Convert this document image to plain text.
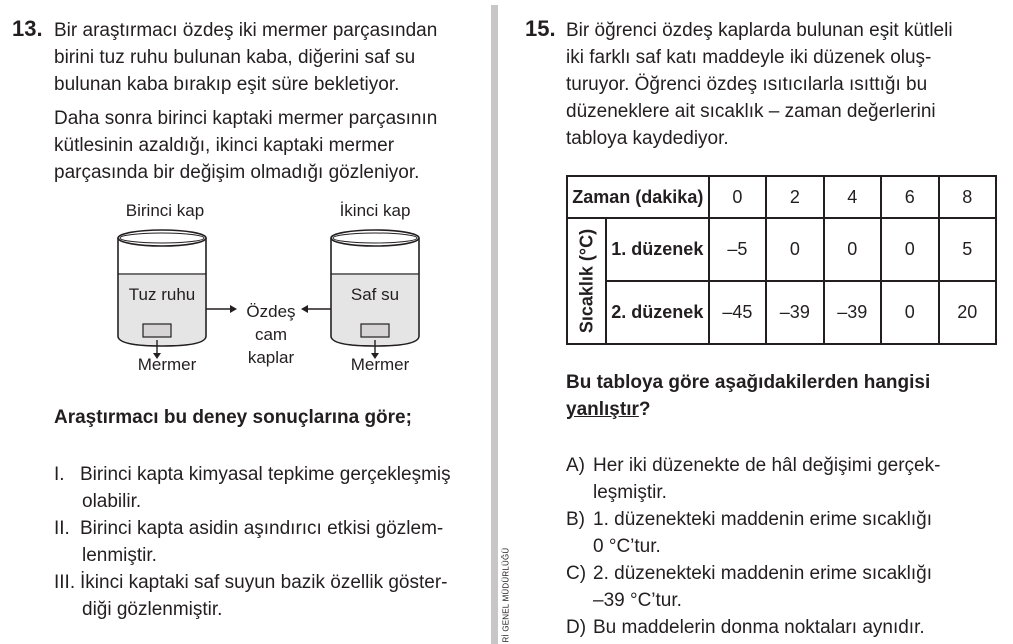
13. Bir araştırmacı özdeş iki mermer parçasından
birini tuz ruhu bulunan kaba, diğerini saf su
bulunan kaba bırakıp eşit süre bekletiyor.
Daha sonra birinci kaptaki mermer parçasının
kütlesinin azaldığı, ikinci kaptaki mermer
parçasında bir değişim olmadığı gözleniyor.
Birinci kap	İkinci kap
Tuz ruhu	Saf su
Özdeş
cam
kaplar
Mermer	Mermer
Araştırmacı bu deney sonuçlarına göre;
I. Birinci kapta kimyasal tepkime gerçekleşmiş
olabilir.
II. Birinci kapta asidin aşındırıcı etkisi gözlem-
lenmiştir.
III. İkinci kaptaki saf suyun bazik özellik göster-
diği gözlenmiştir.	Rİ GENEL MÜDÜRLÜĞÜ
15. Bir öğrenci özdeş kaplarda bulunan eşit kütleli
iki farklı saf katı maddeyle iki düzenek oluş-
turuyor. Öğrenci özdeş ısıtıcılarla ısıttığı bu
düzeneklere ait sıcaklık – zaman değerlerini
tabloya kaydediyor.
Zaman (dakika)		0	2	4	6	8

Sıcaklık (°C)	1. düzenek	–5	0	0	0	5
	2. düzenek	–45	–39	–39	0	20
Bu tabloya göre aşağıdakilerden hangisi
yanlıştır?
A) Her iki düzenekte de hâl değişimi gerçek-
leşmiştir.
B) 1. düzenekteki maddenin erime sıcaklığı
0 °C’tur.
C) 2. düzenekteki maddenin erime sıcaklığı
–39 °C’tur.
D) Bu maddelerin donma noktaları aynıdır.
